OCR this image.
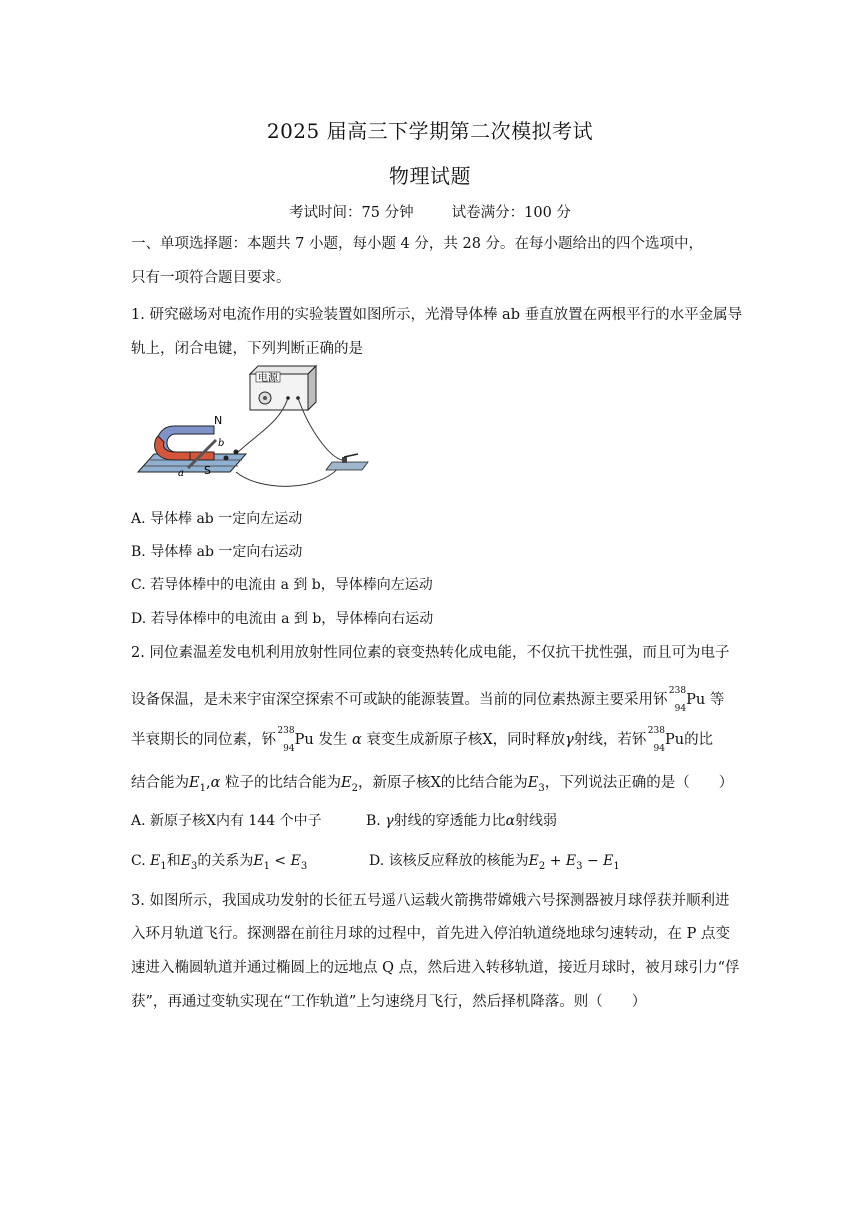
2025 届高三下学期第二次模拟考试
物理试题
考试时间：75 分钟	试卷满分：100 分
一、单项选择题：本题共 7 小题，每小题 4 分，共 28 分。在每小题给出的四个选项中，
只有一项符合题目要求。
1. 研究磁场对电流作用的实验装置如图所示，光滑导体棒 ab 垂直放置在两根平行的水平金属导
轨上，闭合电键，下列判断正确的是
电源
N
S
b
a
A. 导体棒 ab 一定向左运动
B. 导体棒 ab 一定向右运动
C. 若导体棒中的电流由 a 到 b，导体棒向左运动
D. 若导体棒中的电流由 a 到 b，导体棒向右运动
2. 同位素温差发电机利用放射性同位素的衰变热转化成电能，不仅抗干扰性强，而且可为电子
设备保温，是未来宇宙深空探索不可或缺的能源装置。当前的同位素热源主要采用钚
238
94
Pu 等
半衰期长的同位素，钚
238
94
Pu 发生 α 衰变生成新原子核X，同时释放γ射线，若钚
238
94
Pu的比
结合能为$E_1,\alpha$ 粒子的比结合能为$E_2$，新原子核X的比结合能为$E_3$，下列说法正确的是（　　）
A. 新原子核X内有 144 个中子	B. γ射线的穿透能力比α射线弱
C. $E_1$和$E_3$的关系为$E_1 < E_3$	D. 该核反应释放的核能为$E_2 + E_3 - E_1$
3. 如图所示，我国成功发射的长征五号遥八运载火箭携带嫦娥六号探测器被月球俘获并顺利进
入环月轨道飞行。探测器在前往月球的过程中，首先进入停泊轨道绕地球匀速转动，在 P 点变
速进入椭圆轨道并通过椭圆上的远地点 Q 点，然后进入转移轨道，接近月球时，被月球引力“俘
获”，再通过变轨实现在“工作轨道”上匀速绕月飞行，然后择机降落。则（　　）
